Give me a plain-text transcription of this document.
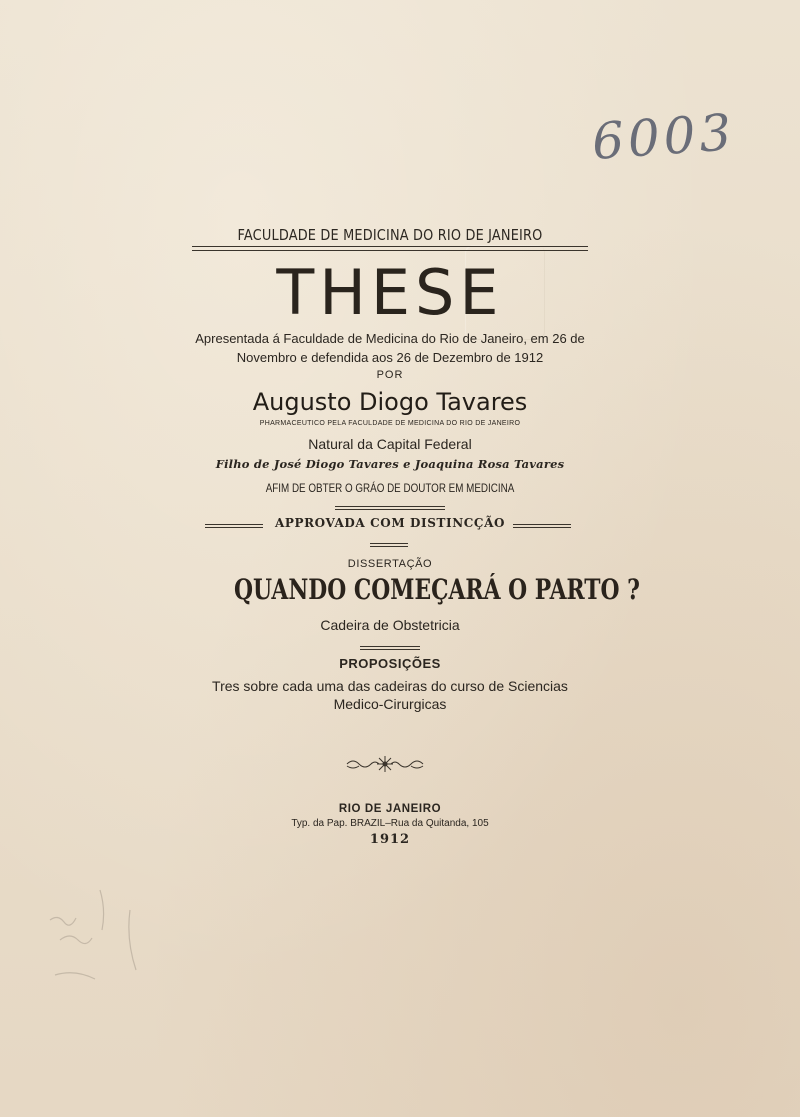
6003
FACULDADE DE MEDICINA DO RIO DE JANEIRO
THESE
Apresentada á Faculdade de Medicina do Rio de Janeiro, em 26 de
Novembro e defendida aos 26 de Dezembro de 1912
POR
Augusto Diogo Tavares
PHARMACEUTICO PELA FACULDADE DE MEDICINA DO RIO DE JANEIRO
Natural da Capital Federal
Filho de José Diogo Tavares e Joaquina Rosa Tavares
AFIM DE OBTER O GRÁO DE DOUTOR EM MEDICINA
APPROVADA COM DISTINCÇÃO
DISSERTAÇÃO
QUANDO COMEÇARÁ O PARTO ?
Cadeira de Obstetricia
PROPOSIÇÕES
Tres sobre cada uma das cadeiras do curso de Sciencias
Medico-Cirurgicas
RIO DE JANEIRO
Typ. da Pap. BRAZIL–Rua da Quitanda, 105
1912
